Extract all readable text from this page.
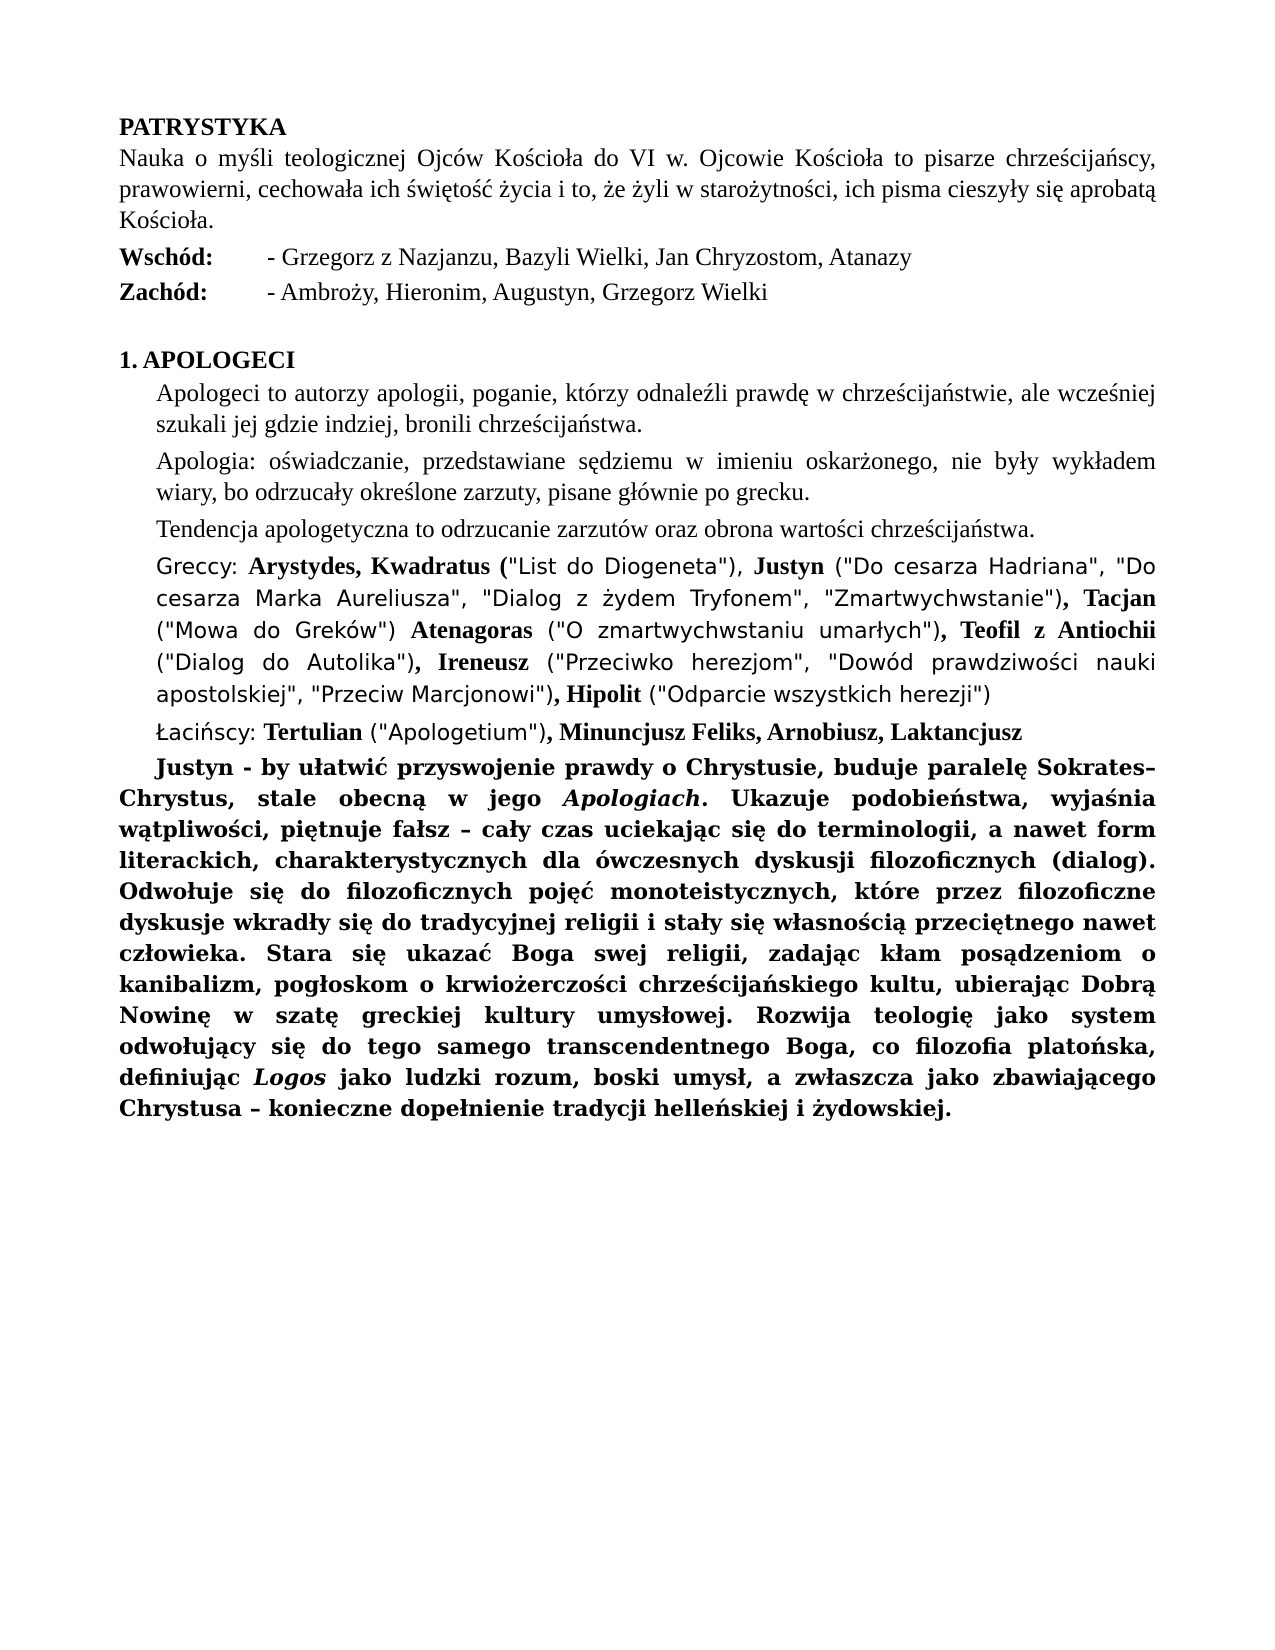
PATRYSTYKA

Nauka o myśli teologicznej Ojców Kościoła do VI w. Ojcowie Kościoła to pisarze chrześcijańscy, prawowierni, cechowała ich świętość życia i to, że żyli w starożytności, ich pisma cieszyły się aprobatą Kościoła.

Wschód:	- Grzegorz z Nazjanzu, Bazyli Wielki, Jan Chryzostom, Atanazy
Zachód:	- Ambroży, Hieronim, Augustyn, Grzegorz Wielki

1. APOLOGECI

Apologeci to autorzy apologii, poganie, którzy odnaleźli prawdę w chrześcijaństwie, ale wcześniej szukali jej gdzie indziej, bronili chrześcijaństwa.

Apologia: oświadczanie, przedstawiane sędziemu w imieniu oskarżonego, nie były wykładem wiary, bo odrzucały określone zarzuty, pisane głównie po grecku.

Tendencja apologetyczna to odrzucanie zarzutów oraz obrona wartości chrześcijaństwa.

Greccy: Arystydes, Kwadratus ("List do Diogeneta"), Justyn ("Do cesarza Hadriana", "Do cesarza Marka Aureliusza", "Dialog z żydem Tryfonem", "Zmartwychwstanie"), Tacjan ("Mowa do Greków") Atenagoras ("O zmartwychwstaniu umarłych"), Teofil z Antiochii ("Dialog do Autolika"), Ireneusz ("Przeciwko herezjom", "Dowód prawdziwości nauki apostolskiej", "Przeciw Marcjonowi"), Hipolit ("Odparcie wszystkich herezji")

Łacińscy: Tertulian ("Apologetium"), Minuncjusz Feliks, Arnobiusz, Laktancjusz

Justyn - by ułatwić przyswojenie prawdy o Chrystusie, buduje paralelę Sokrates–Chrystus, stale obecną w jego Apologiach. Ukazuje podobieństwa, wyjaśnia wątpliwości, piętnuje fałsz – cały czas uciekając się do terminologii, a nawet form literackich, charakterystycznych dla ówczesnych dyskusji filozoficznych (dialog). Odwołuje się do filozoficznych pojęć monoteistycznych, które przez filozoficzne dyskusje wkradły się do tradycyjnej religii i stały się własnością przeciętnego nawet człowieka. Stara się ukazać Boga swej religii, zadając kłam posądzeniom o kanibalizm, pogłoskom o krwiożerczości chrześcijańskiego kultu, ubierając Dobrą Nowinę w szatę greckiej kultury umysłowej. Rozwija teologię jako system odwołujący się do tego samego transcendentnego Boga, co filozofia platońska, definiując Logos jako ludzki rozum, boski umysł, a zwłaszcza jako zbawiającego Chrystusa – konieczne dopełnienie tradycji helleńskiej i żydowskiej.
